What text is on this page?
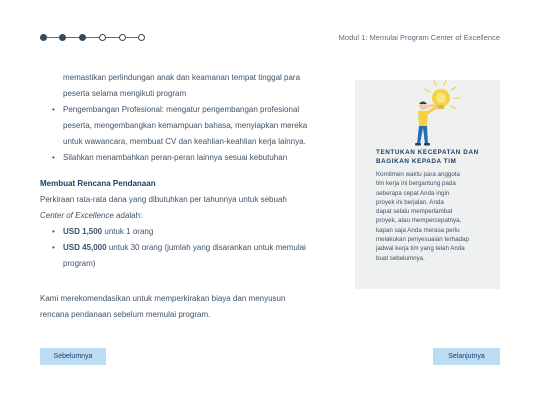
Modul 1: Memulai Program Center of Excellence

memastikan perlindungan anak dan keamanan tempat tinggal para

peserta selama mengikuti program

• Pengembangan Profesional: mengatur pengembangan profesional
peserta, mengembangkan kemampuan bahasa, menyiapkan mereka
untuk wawancara, membuat CV dan keahlian-keahlian kerja lainnya.
• Silahkan menambahkan peran-peran lainnya sesuai kebutuhan

Membuat Rencana Pendanaan

Perkiraan rata-rata dana yang dibutuhkan per tahunnya untuk sebuah

Center of Excellence adalah:

• USD 1,500 untuk 1 orang
• USD 45,000 untuk 30 orang (jumlah yang disarankan untuk memulai
program)

Kami merekomendasikan untuk memperkirakan biaya dan menyusun

rencana pendanaan sebelum memulai program.

TENTUKAN KECEPATAN DAN
BAGIKAN KEPADA TIM
Komitmen waktu para anggota
tim kerja ini bergantung pada
seberapa cepat Anda ingin
proyek ini berjalan. Anda
dapat selalu memperlambat
proyek, atau mempercepatnya,
kapan saja Anda merasa perlu
melakukan penyesuaian terhadap
jadwal kerja tim yang telah Anda
buat sebelumnya.
Sebelumnya	Selanjutnya
